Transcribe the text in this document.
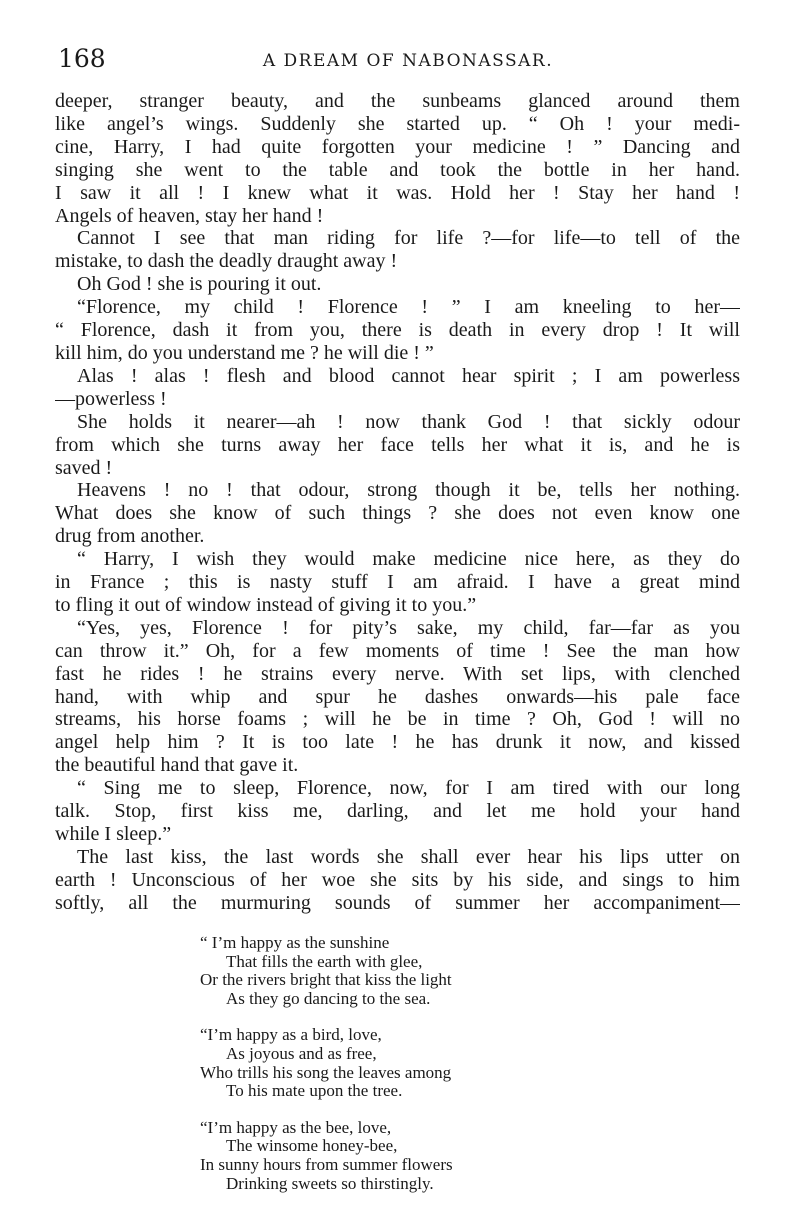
168	A DREAM OF NABONASSAR.
deeper, stranger beauty, and the sunbeams glanced around them
like angel’s wings. Suddenly she started up. “ Oh ! your medi-
cine, Harry, I had quite forgotten your medicine ! ” Dancing and
singing she went to the table and took the bottle in her hand.
I saw it all ! I knew what it was. Hold her ! Stay her hand !
Angels of heaven, stay her hand !
Cannot I see that man riding for life ?—for life—to tell of the
mistake, to dash the deadly draught away !
Oh God ! she is pouring it out.
“Florence, my child ! Florence ! ” I am kneeling to her—
“ Florence, dash it from you, there is death in every drop ! It will
kill him, do you understand me ? he will die ! ”
Alas ! alas ! flesh and blood cannot hear spirit ; I am powerless
—powerless !
She holds it nearer—ah ! now thank God ! that sickly odour
from which she turns away her face tells her what it is, and he is
saved !
Heavens ! no ! that odour, strong though it be, tells her nothing.
What does she know of such things ? she does not even know one
drug from another.
“ Harry, I wish they would make medicine nice here, as they do
in France ; this is nasty stuff I am afraid. I have a great mind
to fling it out of window instead of giving it to you.”
“Yes, yes, Florence ! for pity’s sake, my child, far—far as you
can throw it.” Oh, for a few moments of time ! See the man how
fast he rides ! he strains every nerve. With set lips, with clenched
hand, with whip and spur he dashes onwards—his pale face
streams, his horse foams ; will he be in time ? Oh, God ! will no
angel help him ? It is too late ! he has drunk it now, and kissed
the beautiful hand that gave it.
“ Sing me to sleep, Florence, now, for I am tired with our long
talk. Stop, first kiss me, darling, and let me hold your hand
while I sleep.”
The last kiss, the last words she shall ever hear his lips utter on
earth ! Unconscious of her woe she sits by his side, and sings to him
softly, all the murmuring sounds of summer her accompaniment—
“ I’m happy as the sunshine
That fills the earth with glee,
Or the rivers bright that kiss the light
As they go dancing to the sea.
“I’m happy as a bird, love,
As joyous and as free,
Who trills his song the leaves among
To his mate upon the tree.
“I’m happy as the bee, love,
The winsome honey-bee,
In sunny hours from summer flowers
Drinking sweets so thirstingly.
